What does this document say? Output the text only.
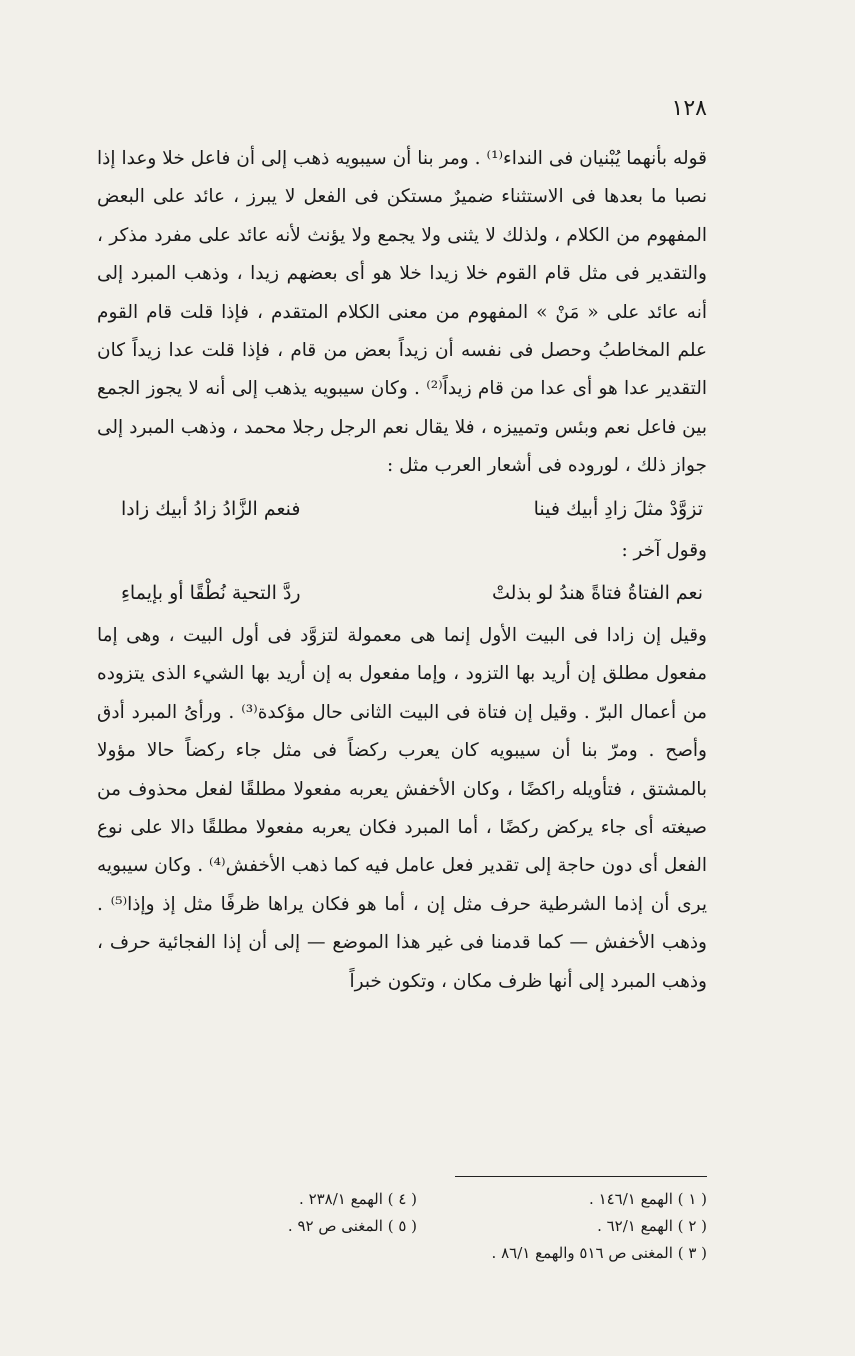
١٢٨

قوله بأنهما يُبْنيان فى النداء⁽¹⁾ . ومر بنا أن سيبويه ذهب إلى أن فاعل خلا وعدا إذا نصبا ما بعدها فى الاستثناء ضميرٌ مستكن فى الفعل لا يبرز ، عائد على البعض المفهوم من الكلام ، ولذلك لا يثنى ولا يجمع ولا يؤنث لأنه عائد على مفرد مذكر ، والتقدير فى مثل قام القوم خلا زيدا خلا هو أى بعضهم زيدا ، وذهب المبرد إلى أنه عائد على « مَنْ » المفهوم من معنى الكلام المتقدم ، فإذا قلت قام القوم علم المخاطبُ وحصل فى نفسه أن زيداً بعض من قام ، فإذا قلت عدا زيداً كان التقدير عدا هو أى عدا من قام زيداً⁽²⁾ . وكان سيبويه يذهب إلى أنه لا يجوز الجمع بين فاعل نعم وبئس وتمييزه ، فلا يقال نعم الرجل رجلا محمد ، وذهب المبرد إلى جواز ذلك ، لوروده فى أشعار العرب مثل :

تزوَّدْ مثلَ زادِ أبيك فينا
فنعم الزَّادُ زادُ أبيك زادا

وقول آخر :

نعم الفتاةُ فتاةً هندُ لو بذلتْ
ردَّ التحية نُطْقًا أو بإيماءِ

وقيل إن زادا فى البيت الأول إنما هى معمولة لتزوَّد فى أول البيت ، وهى إما مفعول مطلق إن أريد بها التزود ، وإما مفعول به إن أريد بها الشيء الذى يتزوده من أعمال البرّ . وقيل إن فتاة فى البيت الثانى حال مؤكدة⁽³⁾ . ورأىُ المبرد أدق وأصح . ومرّ بنا أن سيبويه كان يعرب ركضاً فى مثل جاء ركضاً حالا مؤولا بالمشتق ، فتأويله راكضًا ، وكان الأخفش يعربه مفعولا مطلقًا لفعل محذوف من صيغته أى جاء يركض ركضًا ، أما المبرد فكان يعربه مفعولا مطلقًا دالا على نوع الفعل أى دون حاجة إلى تقدير فعل عامل فيه كما ذهب الأخفش⁽⁴⁾ . وكان سيبويه يرى أن إذما الشرطية حرف مثل إن ، أما هو فكان يراها ظرفًا مثل إذ وإذا⁽⁵⁾ . وذهب الأخفش — كما قدمنا فى غير هذا الموضع — إلى أن إذا الفجائية حرف ، وذهب المبرد إلى أنها ظرف مكان ، وتكون خبراً

( ١ ) الهمع ١٤٦/١ .
( ٤ ) الهمع ٢٣٨/١ .
( ٢ ) الهمع ٦٢/١ .
( ٥ ) المغنى ص ٩٢ .
( ٣ ) المغنى ص ٥١٦ والهمع ٨٦/١ .
